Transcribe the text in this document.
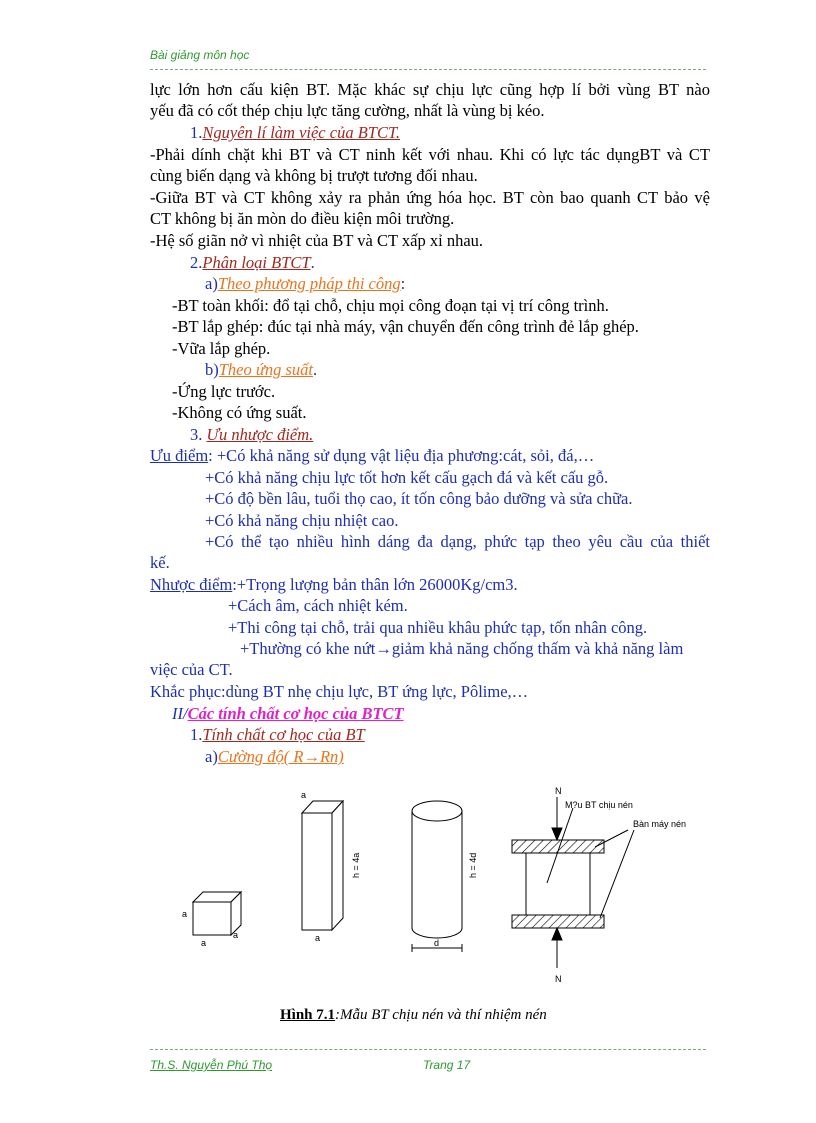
Bài giảng môn học
lực lớn hơn cấu kiện BT. Mặc khác sự chịu lực cũng hợp lí bởi vùng BT nào
yếu đã có cốt thép chịu lực tăng cường, nhất là vùng bị kéo.
1.Nguyên lí làm việc của BTCT.
-Phải dính chặt khi BT và CT ninh kết với nhau. Khi có lực tác dụngBT và CT
cùng biến dạng và không bị trượt tương đối nhau.
-Giữa BT và CT không xảy ra phản ứng hóa học. BT còn bao quanh CT bảo vệ
CT không bị ăn mòn do điều kiện môi trường.
-Hệ số giãn nở vì nhiệt của BT và CT xấp xỉ nhau.
2.Phân loại BTCT.
a)Theo phương pháp thi công:
-BT toàn khối: đổ tại chỗ, chịu mọi công đoạn tại vị trí công trình.
-BT lắp ghép: đúc tại nhà máy, vận chuyển đến công trình đẻ lắp ghép.
-Vữa lắp ghép.
b)Theo ứng suất.
-Ứng lực trước.
-Không có ứng suất.
3. Ưu nhược điểm.
Ưu điểm: +Có khả năng sử dụng vật liệu địa phương:cát, sỏi, đá,…
+Có khả năng chịu lực tốt hơn kết cấu gạch đá và kết cấu gỗ.
+Có độ bền lâu, tuổi thọ cao, ít tốn công bảo dưỡng và sửa chữa.
+Có khả năng chịu nhiệt cao.
+Có thể tạo nhiều hình dáng đa dạng, phức tạp theo yêu cầu của thiết
kế.
Nhược điểm:+Trọng lượng bản thân lớn 26000Kg/cm3.
+Cách âm, cách nhiệt kém.
+Thi công tại chỗ, trải qua nhiều khâu phức tạp, tốn nhân công.
+Thường có khe nứt→giảm khả năng chống thấm và khả năng làm
việc của CT.
Khắc phục:dùng BT nhẹ chịu lực, BT ứng lực, Pôlime,…
II/Các tính chất cơ học của BTCT
1.Tính chất cơ học của BT
a)Cường độ( R→Rn)
a
a
a
a
a
h = 4a	h = 4d
d
N
N
M?u BT chịu nén
Bàn máy nén
Hình 7.1:Mẫu BT chịu nén và thí nhiệm nén
Th.S. Nguyễn Phú Thọ	Trang 17
